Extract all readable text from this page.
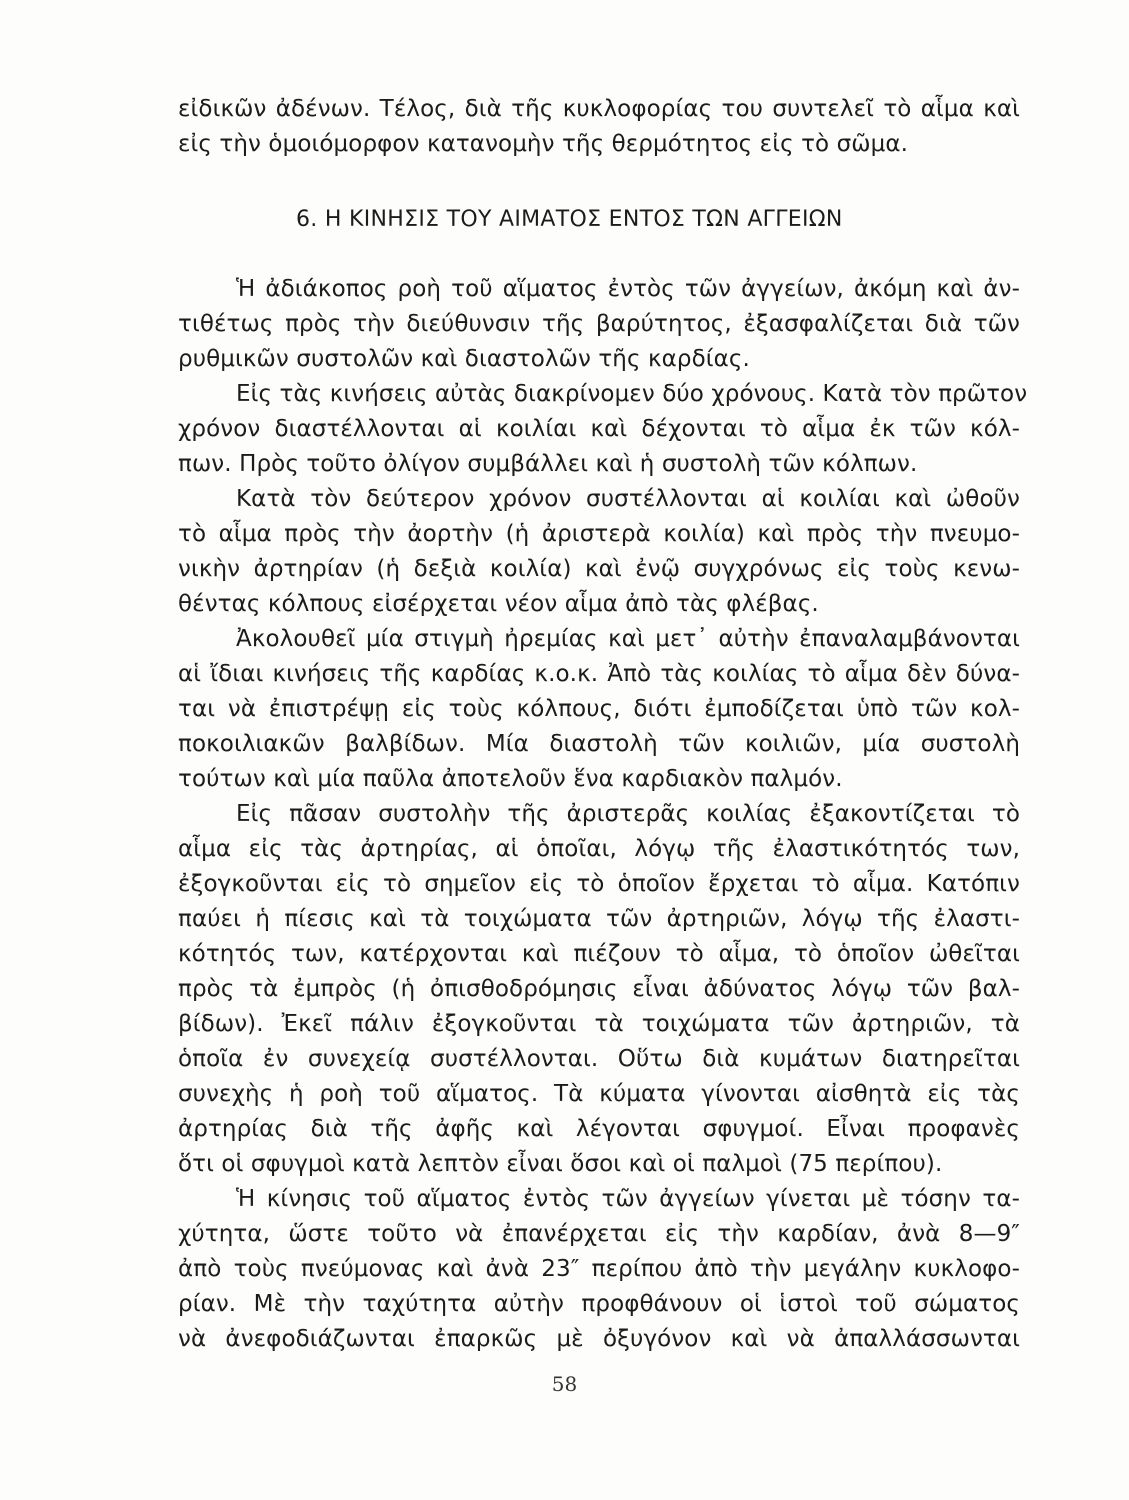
εἰδικῶν ἀδένων. Τέλος, διὰ τῆς κυκλοφορίας του συντελεῖ τὸ αἷμα καὶ
εἰς τὴν ὁμοιόμορφον κατανομὴν τῆς θερμότητος εἰς τὸ σῶμα.
6. Η ΚΙΝΗΣΙΣ ΤΟΥ ΑΙΜΑΤΟΣ ΕΝΤΟΣ ΤΩΝ ΑΓΓΕΙΩΝ
Ἡ ἀδιάκοπος ροὴ τοῦ αἵματος ἐντὸς τῶν ἀγγείων, ἀκόμη καὶ ἀν-
τιθέτως πρὸς τὴν διεύθυνσιν τῆς βαρύτητος, ἐξασφαλίζεται διὰ τῶν
ρυθμικῶν συστολῶν καὶ διαστολῶν τῆς καρδίας.
Εἰς τὰς κινήσεις αὐτὰς διακρίνομεν δύο χρόνους. Κατὰ τὸν πρῶτον
χρόνον διαστέλλονται αἱ κοιλίαι καὶ δέχονται τὸ αἷμα ἐκ τῶν κόλ-
πων. Πρὸς τοῦτο ὀλίγον συμβάλλει καὶ ἡ συστολὴ τῶν κόλπων.
Κατὰ τὸν δεύτερον χρόνον συστέλλονται αἱ κοιλίαι καὶ ὠθοῦν
τὸ αἷμα πρὸς τὴν ἀορτὴν (ἡ ἀριστερὰ κοιλία) καὶ πρὸς τὴν πνευμο-
νικὴν ἀρτηρίαν (ἡ δεξιὰ κοιλία) καὶ ἐνῷ συγχρόνως εἰς τοὺς κενω-
θέντας κόλπους εἰσέρχεται νέον αἷμα ἀπὸ τὰς φλέβας.
Ἀκολουθεῖ μία στιγμὴ ἠρεμίας καὶ μετ᾽ αὐτὴν ἐπαναλαμβάνονται
αἱ ἴδιαι κινήσεις τῆς καρδίας κ.ο.κ. Ἀπὸ τὰς κοιλίας τὸ αἷμα δὲν δύνα-
ται νὰ ἐπιστρέψῃ εἰς τοὺς κόλπους, διότι ἐμποδίζεται ὑπὸ τῶν κολ-
ποκοιλιακῶν βαλβίδων. Μία διαστολὴ τῶν κοιλιῶν, μία συστολὴ
τούτων καὶ μία παῦλα ἀποτελοῦν ἕνα καρδιακὸν παλμόν.
Εἰς πᾶσαν συστολὴν τῆς ἀριστερᾶς κοιλίας ἐξακοντίζεται τὸ
αἷμα εἰς τὰς ἀρτηρίας, αἱ ὁποῖαι, λόγῳ τῆς ἐλαστικότητός των,
ἐξογκοῦνται εἰς τὸ σημεῖον εἰς τὸ ὁποῖον ἔρχεται τὸ αἷμα. Κατόπιν
παύει ἡ πίεσις καὶ τὰ τοιχώματα τῶν ἀρτηριῶν, λόγῳ τῆς ἐλαστι-
κότητός των, κατέρχονται καὶ πιέζουν τὸ αἷμα, τὸ ὁποῖον ὠθεῖται
πρὸς τὰ ἐμπρὸς (ἡ ὀπισθοδρόμησις εἶναι ἀδύνατος λόγῳ τῶν βαλ-
βίδων). Ἐκεῖ πάλιν ἐξογκοῦνται τὰ τοιχώματα τῶν ἀρτηριῶν, τὰ
ὁποῖα ἐν συνεχείᾳ συστέλλονται. Οὕτω διὰ κυμάτων διατηρεῖται
συνεχὴς ἡ ροὴ τοῦ αἵματος. Τὰ κύματα γίνονται αἰσθητὰ εἰς τὰς
ἀρτηρίας διὰ τῆς ἀφῆς καὶ λέγονται σφυγμοί. Εἶναι προφανὲς
ὅτι οἱ σφυγμοὶ κατὰ λεπτὸν εἶναι ὅσοι καὶ οἱ παλμοὶ (75 περίπου).
Ἡ κίνησις τοῦ αἵματος ἐντὸς τῶν ἀγγείων γίνεται μὲ τόσην τα-
χύτητα, ὥστε τοῦτο νὰ ἐπανέρχεται εἰς τὴν καρδίαν, ἀνὰ 8—9″
ἀπὸ τοὺς πνεύμονας καὶ ἀνὰ 23″ περίπου ἀπὸ τὴν μεγάλην κυκλοφο-
ρίαν. Μὲ τὴν ταχύτητα αὐτὴν προφθάνουν οἱ ἱστοὶ τοῦ σώματος
νὰ ἀνεφοδιάζωνται ἐπαρκῶς μὲ ὀξυγόνον καὶ νὰ ἀπαλλάσσωνται
58
